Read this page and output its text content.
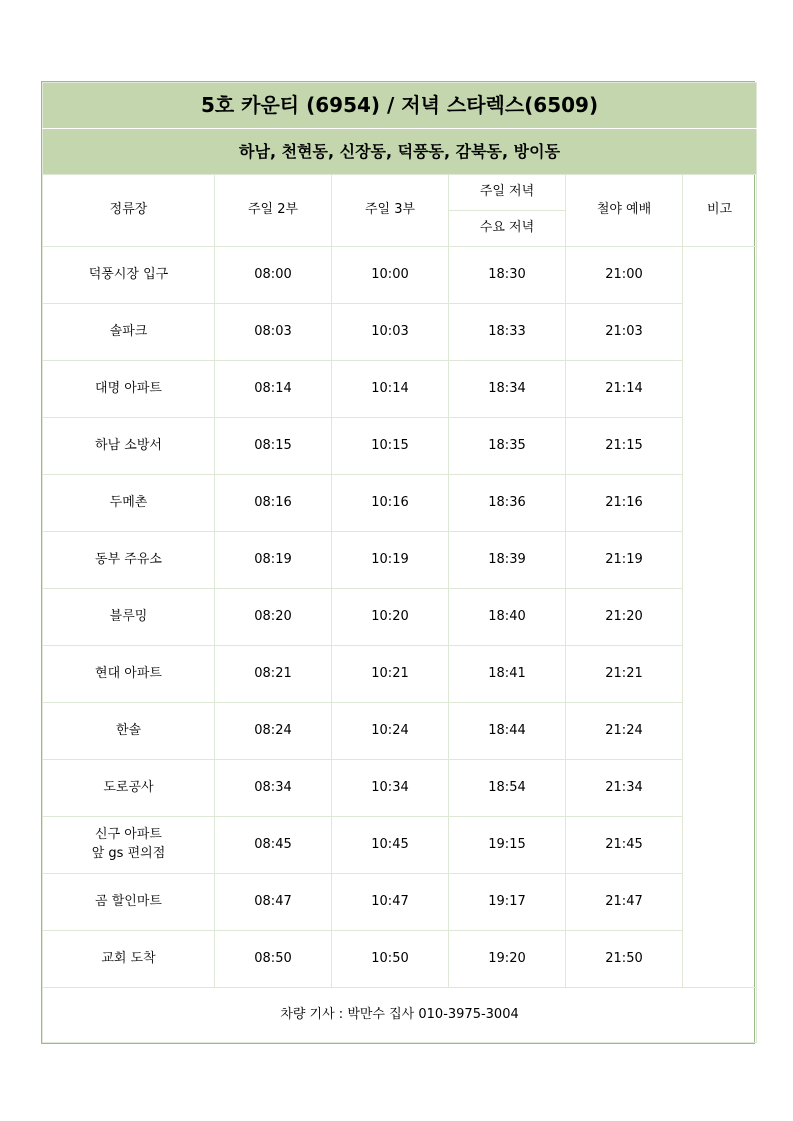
5호 카운티 (6954) / 저녁 스타렉스(6509)					
하남, 천현동, 신장동, 덕풍동, 감북동, 방이동					
정류장	주일 2부	주일 3부	주일 저녁	철야 예배	비고
			수요 저녁		

덕풍시장 입구	08:00	10:00	18:30	21:00	

솔파크	08:03	10:03	18:33	21:03	

대명 아파트	08:14	10:14	18:34	21:14	

하남 소방서	08:15	10:15	18:35	21:15	

두메촌	08:16	10:16	18:36	21:16	

동부 주유소	08:19	10:19	18:39	21:19	

블루밍	08:20	10:20	18:40	21:20	

현대 아파트	08:21	10:21	18:41	21:21	

한솔	08:24	10:24	18:44	21:24	

도로공사	08:34	10:34	18:54	21:34	

신구 아파트
앞 gs 편의점	08:45	10:45	19:15	21:45	

곰 할인마트	08:47	10:47	19:17	21:47	

교회 도착	08:50	10:50	19:20	21:50	
차량 기사 : 박만수 집사 010-3975-3004					
